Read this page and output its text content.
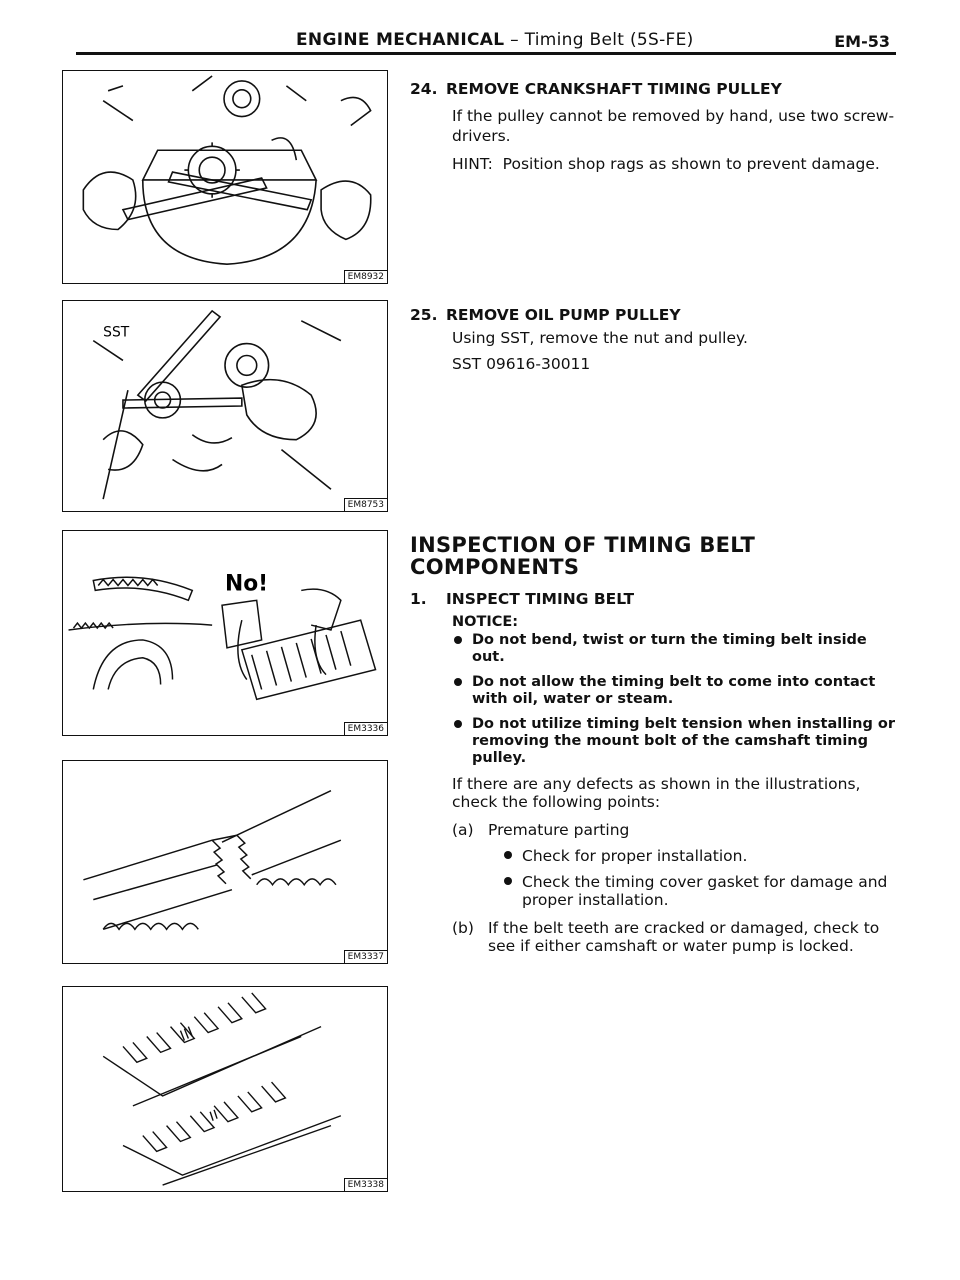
ENGINE MECHANICAL – Timing Belt (5S-FE)	EM-53
EM8932
SST
EM8753
No!
EM3336
EM3337
EM3338

24. REMOVE CRANKSHAFT TIMING PULLEY

If the pulley cannot be removed by hand, use two screw-drivers.

HINT: Position shop rags as shown to prevent damage.

25. REMOVE OIL PUMP PULLEY

Using SST, remove the nut and pulley.

SST 09616-30011

INSPECTION OF TIMING BELT
COMPONENTS

1. INSPECT TIMING BELT

NOTICE:

Do not bend, twist or turn the timing belt inside out.
Do not allow the timing belt to come into contact with oil, water or steam.
Do not utilize timing belt tension when installing or removing the mount bolt of the camshaft timing pulley.

If there are any defects as shown in the illustrations, check the following points:

(a) Premature parting
Check for proper installation.
Check the timing cover gasket for damage and proper installation.
(b) If the belt teeth are cracked or damaged, check to see if either camshaft or water pump is locked.
